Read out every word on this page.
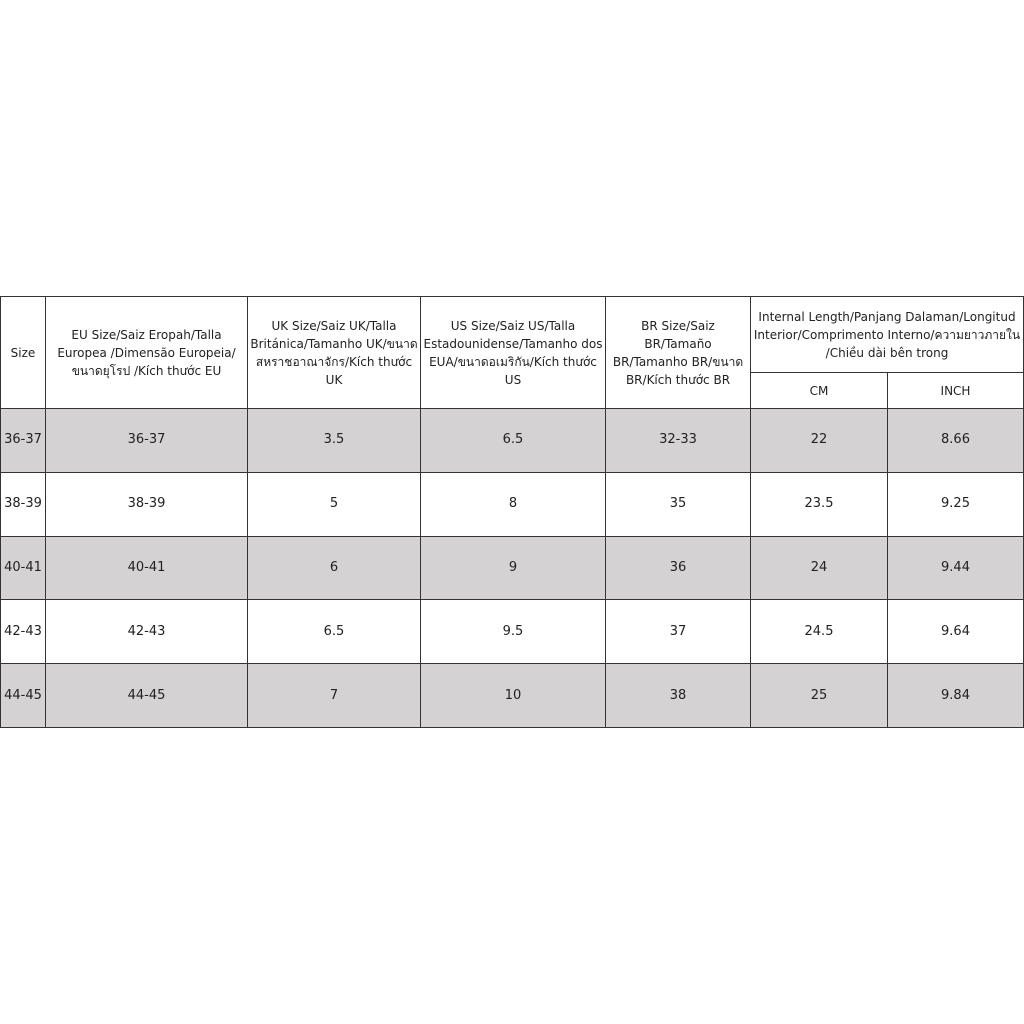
Size	EU Size/Saiz Eropah/Talla Europea /Dimensão Europeia/ขนาดยุโรป /Kích thước EU	UK Size/Saiz UK/Talla Británica/Tamanho UK/ขนาดสหราชอาณาจักร/Kích thước UK	US Size/Saiz US/Talla Estadounidense/Tamanho dos EUA/ขนาดอเมริกัน/Kích thước US	BR Size/Saiz BR/Tamaño BR/Tamanho BR/ขนาด BR/Kích thước BR	Internal Length/Panjang Dalaman/Longitud Interior/Comprimento Interno/ความยาวภายใน /Chiều dài bên trong	
					CM	INCH
36-37	36-37	3.5	6.5	32-33	22	8.66
38-39	38-39	5	8	35	23.5	9.25
40-41	40-41	6	9	36	24	9.44
42-43	42-43	6.5	9.5	37	24.5	9.64
44-45	44-45	7	10	38	25	9.84
